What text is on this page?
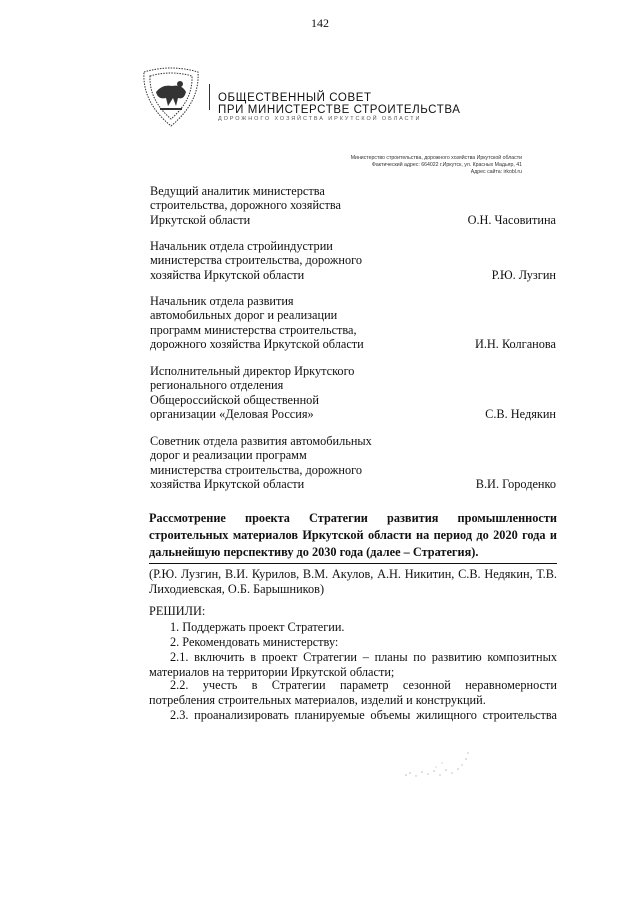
142
ОБЩЕСТВЕННЫЙ СОВЕТ
ПРИ МИНИСТЕРСТВЕ СТРОИТЕЛЬСТВА
ДОРОЖНОГО ХОЗЯЙСТВА ИРКУТСКОЙ ОБЛАСТИ
Министерство строительства, дорожного хозяйства Иркутской области
Фактический адрес: 664022 г.Иркутск, ул. Красных Мадьяр, 41
Адрес сайта: irkobl.ru
Ведущий аналитик министерства
строительства, дорожного хозяйства
Иркутской области	О.Н. Часовитина
Начальник отдела стройиндустрии
министерства строительства, дорожного
хозяйства Иркутской области	Р.Ю. Лузгин
Начальник отдела развития
автомобильных дорог и реализации
программ министерства строительства,
дорожного хозяйства Иркутской области	И.Н. Колганова
Исполнительный директор Иркутского
регионального отделения
Общероссийской общественной
организации «Деловая Россия»	С.В. Недякин
Советник отдела развития автомобильных
дорог и реализации программ
министерства строительства, дорожного
хозяйства Иркутской области	В.И. Городенко
Рассмотрение проекта Стратегии развития промышленности строительных материалов Иркутской области на период до 2020 года и дальнейшую перспективу до 2030 года (далее – Стратегия).
(Р.Ю. Лузгин, В.И. Курилов, В.М. Акулов, А.Н. Никитин, С.В. Недякин, Т.В. Лиходиевская, О.Б. Барышников)
РЕШИЛИ:
1. Поддержать проект Стратегии.
2. Рекомендовать министерству:
2.1. включить в проект Стратегии – планы по развитию композитных
материалов на территории Иркутской области;
2.2. учесть в Стратегии параметр сезонной неравномерности
потребления строительных материалов, изделий и конструкций.
2.3. проанализировать планируемые объемы жилищного строительства
